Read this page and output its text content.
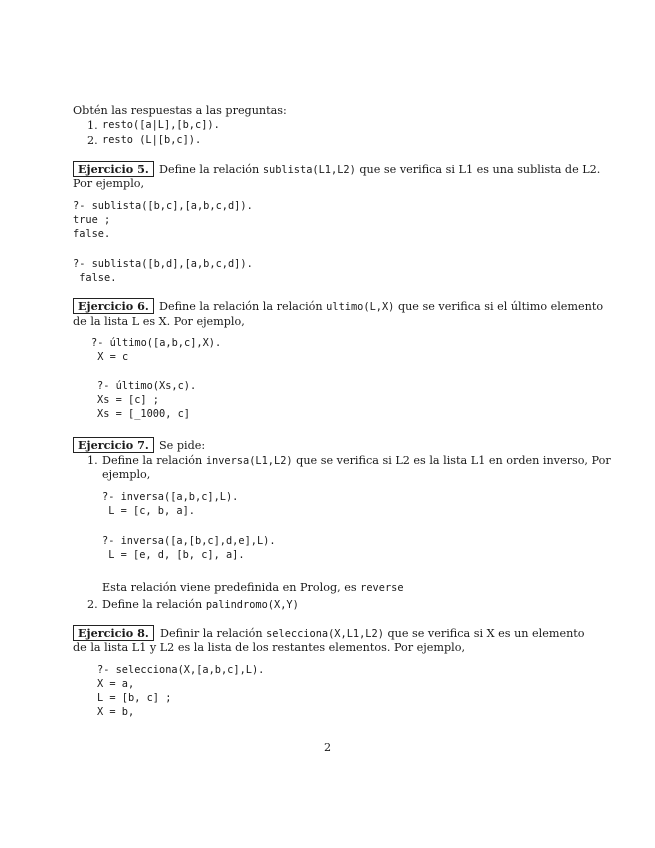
Obtén las respuestas a las preguntas:
1. resto([a|L],[b,c]).
2. resto (L|[b,c]).
Ejercicio 5. Define la relación sublista(L1,L2) que se verifica si L1 es una sublista de L2.
Por ejemplo,
?- sublista([b,c],[a,b,c,d]).
true ;
false.
?- sublista([b,d],[a,b,c,d]).
false.
Ejercicio 6. Define la relación la relación ultimo(L,X) que se verifica si el último elemento
de la lista L es X. Por ejemplo,
?- último([a,b,c],X).
X = c
?- último(Xs,c).
Xs = [c] ;
Xs = [_1000, c]
Ejercicio 7. Se pide:
1. Define la relación inversa(L1,L2) que se verifica si L2 es la lista L1 en orden inverso, Por
ejemplo,
?- inversa([a,b,c],L).
L = [c, b, a].
?- inversa([a,[b,c],d,e],L).
L = [e, d, [b, c], a].
Esta relación viene predefinida en Prolog, es reverse
2. Define la relación palindromo(X,Y)
Ejercicio 8.	Definir la relación selecciona(X,L1,L2) que se verifica si X es un elemento
de la lista L1 y L2 es la lista de los restantes elementos. Por ejemplo,
?- selecciona(X,[a,b,c],L).
X = a,
L = [b, c] ;
X = b,
2
